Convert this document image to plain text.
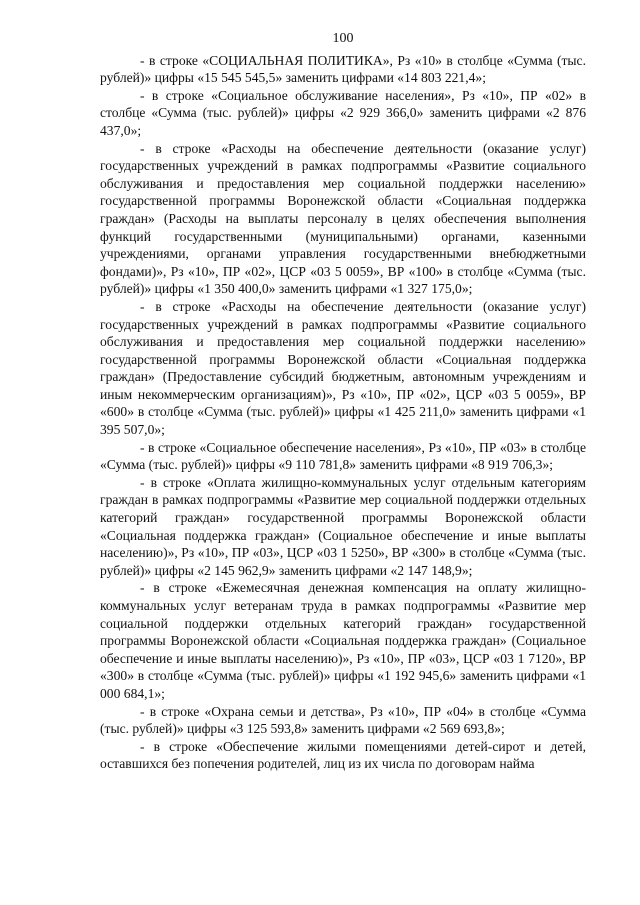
100

- в строке «СОЦИАЛЬНАЯ ПОЛИТИКА», Рз «10» в столбце «Сумма (тыс. рублей)» цифры «15 545 545,5» заменить цифрами «14 803 221,4»;

- в строке «Социальное обслуживание населения», Рз «10», ПР «02» в столбце «Сумма (тыс. рублей)» цифры «2 929 366,0» заменить цифрами «2 876 437,0»;

- в строке «Расходы на обеспечение деятельности (оказание услуг) государственных учреждений в рамках подпрограммы «Развитие социального обслуживания и предоставления мер социальной поддержки населению» государственной программы Воронежской области «Социальная поддержка граждан» (Расходы на выплаты персоналу в целях обеспечения выполнения функций государственными (муниципальными) органами, казенными учреждениями, органами управления государственными внебюджетными фондами)», Рз «10», ПР «02», ЦСР «03 5 0059», ВР «100» в столбце «Сумма (тыс. рублей)» цифры «1 350 400,0» заменить цифрами «1 327 175,0»;

- в строке «Расходы на обеспечение деятельности (оказание услуг) государственных учреждений в рамках подпрограммы «Развитие социального обслуживания и предоставления мер социальной поддержки населению» государственной программы Воронежской области «Социальная поддержка граждан» (Предоставление субсидий бюджетным, автономным учреждениям и иным некоммерческим организациям)», Рз «10», ПР «02», ЦСР «03 5 0059», ВР «600» в столбце «Сумма (тыс. рублей)» цифры «1 425 211,0» заменить цифрами «1 395 507,0»;

- в строке «Социальное обеспечение населения», Рз «10», ПР «03» в столбце «Сумма (тыс. рублей)» цифры «9 110 781,8» заменить цифрами «8 919 706,3»;

- в строке «Оплата жилищно-коммунальных услуг отдельным категориям граждан в рамках подпрограммы «Развитие мер социальной поддержки отдельных категорий граждан» государственной программы Воронежской области «Социальная поддержка граждан» (Социальное обеспечение и иные выплаты населению)», Рз «10», ПР «03», ЦСР «03 1 5250», ВР «300» в столбце «Сумма (тыс. рублей)» цифры «2 145 962,9» заменить цифрами «2 147 148,9»;

- в строке «Ежемесячная денежная компенсация на оплату жилищно-коммунальных услуг ветеранам труда в рамках подпрограммы «Развитие мер социальной поддержки отдельных категорий граждан» государственной программы Воронежской области «Социальная поддержка граждан» (Социальное обеспечение и иные выплаты населению)», Рз «10», ПР «03», ЦСР «03 1 7120», ВР «300» в столбце «Сумма (тыс. рублей)» цифры «1 192 945,6» заменить цифрами «1 000 684,1»;

- в строке «Охрана семьи и детства», Рз «10», ПР «04» в столбце «Сумма (тыс. рублей)» цифры «3 125 593,8» заменить цифрами «2 569 693,8»;

- в строке «Обеспечение жилыми помещениями детей-сирот и детей, оставшихся без попечения родителей, лиц из их числа по договорам найма
